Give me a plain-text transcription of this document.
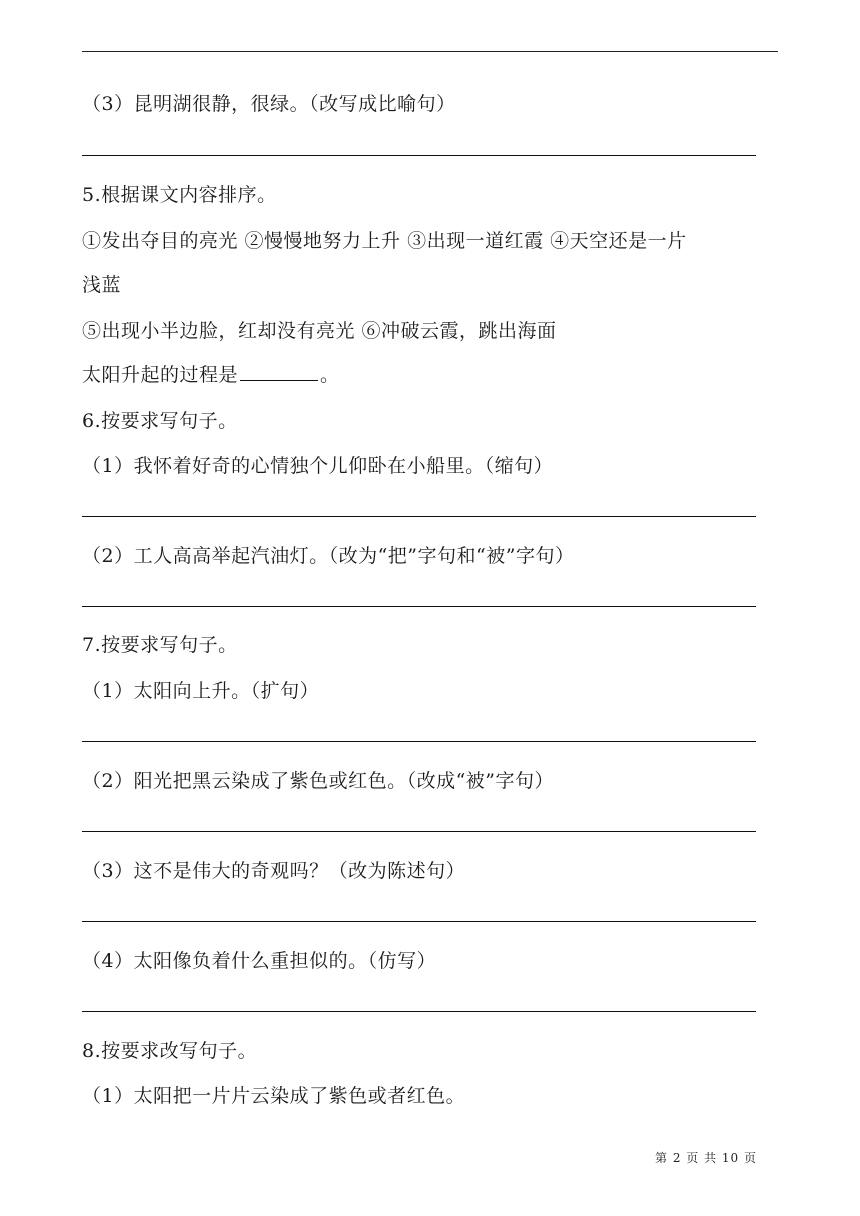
（3）昆明湖很静，很绿。（改写成比喻句）
5.根据课文内容排序。
①发出夺目的亮光 ②慢慢地努力上升 ③出现一道红霞 ④天空还是一片
浅蓝
⑤出现小半边脸，红却没有亮光 ⑥冲破云霞，跳出海面
太阳升起的过程是	。
6.按要求写句子。
（1）我怀着好奇的心情独个儿仰卧在小船里。（缩句）
（2）工人高高举起汽油灯。（改为“把”字句和“被”字句）
7.按要求写句子。
（1）太阳向上升。（扩句）
（2）阳光把黑云染成了紫色或红色。（改成“被”字句）
（3）这不是伟大的奇观吗？（改为陈述句）
（4）太阳像负着什么重担似的。（仿写）
8.按要求改写句子。
（1）太阳把一片片云染成了紫色或者红色。
第 2 页 共 10 页
